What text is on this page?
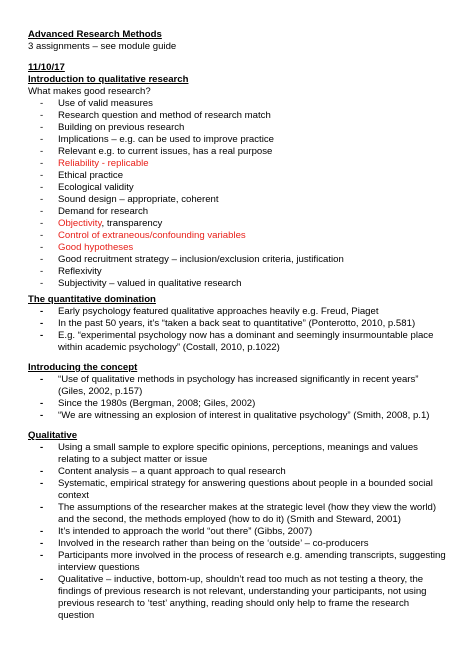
Advanced Research Methods
3 assignments – see module guide
11/10/17
Introduction to qualitative research
What makes good research?
-	Use of valid measures
-	Research question and method of research match
-	Building on previous research
-	Implications – e.g. can be used to improve practice
-	Relevant e.g. to current issues, has a real purpose
-	Reliability - replicable
-	Ethical practice
-	Ecological validity
-	Sound design – appropriate, coherent
-	Demand for research
-	Objectivity, transparency
-	Control of extraneous/confounding variables
-	Good hypotheses
-	Good recruitment strategy – inclusion/exclusion criteria, justification
-	Reflexivity
-	Subjectivity – valued in qualitative research
The quantitative domination
-	Early psychology featured qualitative approaches heavily e.g. Freud, Piaget
-	In the past 50 years, it’s “taken a back seat to quantitative” (Ponterotto, 2010, p.581)
-	E.g. “experimental psychology now has a dominant and seemingly insurmountable place
within academic psychology” (Costall, 2010, p.1022)
Introducing the concept
-	“Use of qualitative methods in psychology has increased significantly in recent years”
(Giles, 2002, p.157)
-	Since the 1980s (Bergman, 2008; Giles, 2002)
-	“We are witnessing an explosion of interest in qualitative psychology” (Smith, 2008, p.1)
Qualitative
-	Using a small sample to explore specific opinions, perceptions, meanings and values
relating to a subject matter or issue
-	Content analysis – a quant approach to qual research
-	Systematic, empirical strategy for answering questions about people in a bounded social
context
-	The assumptions of the researcher makes at the strategic level (how they view the world)
and the second, the methods employed (how to do it) (Smith and Steward, 2001)
-	It’s intended to approach the world “out there” (Gibbs, 2007)
-	Involved in the research rather than being on the ‘outside’ – co-producers
-	Participants more involved in the process of research e.g. amending transcripts, suggesting
interview questions
-	Qualitative – inductive, bottom-up, shouldn’t read too much as not testing a theory, the
findings of previous research is not relevant, understanding your participants, not using
previous research to ‘test’ anything, reading should only help to frame the research
question
